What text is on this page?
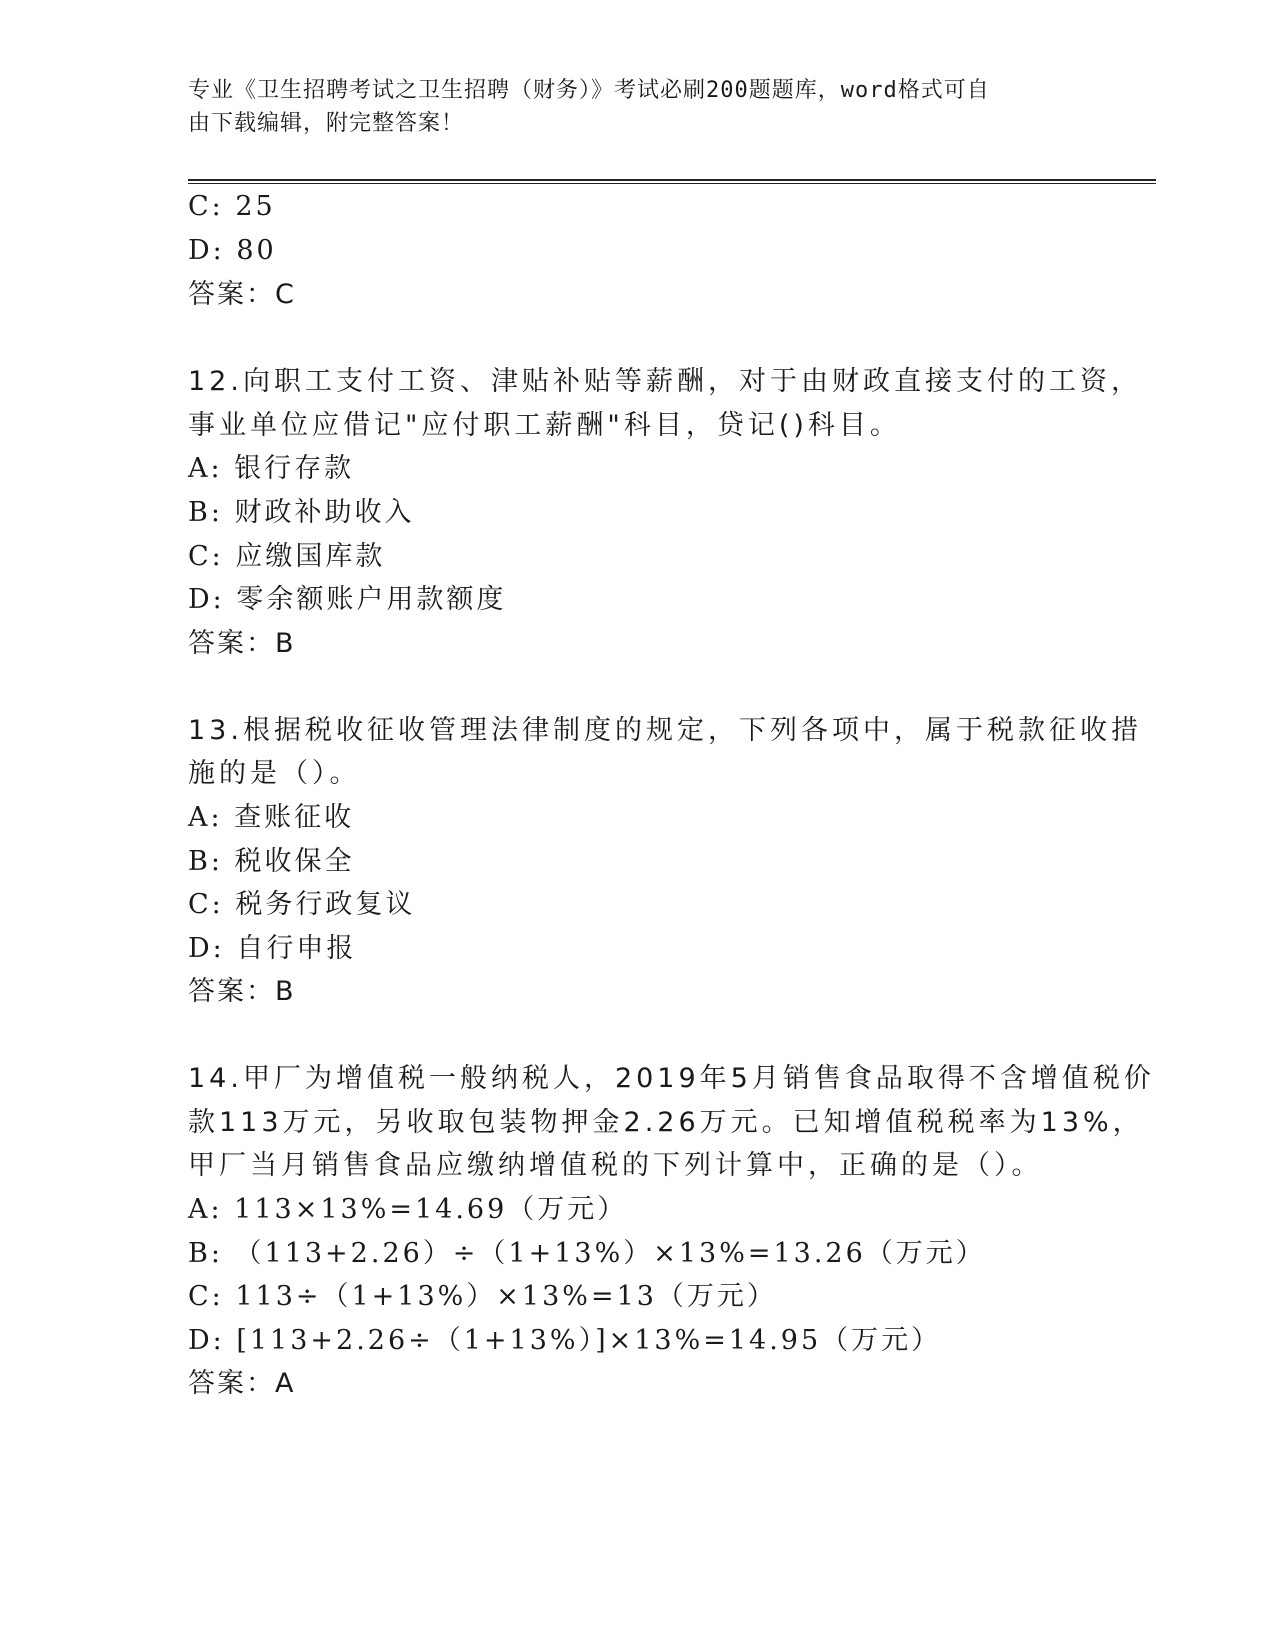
专业《卫生招聘考试之卫生招聘（财务）》考试必刷200题题库，word格式可自
由下载编辑，附完整答案！
C: 25
D: 80
答案：C
12.向职工支付工资、津贴补贴等薪酬，对于由财政直接支付的工资，
事业单位应借记"应付职工薪酬"科目，贷记()科目。
A: 银行存款
B: 财政补助收入
C: 应缴国库款
D: 零余额账户用款额度
答案：B
13.根据税收征收管理法律制度的规定，下列各项中，属于税款征收措
施的是（）。
A: 查账征收
B: 税收保全
C: 税务行政复议
D: 自行申报
答案：B
14.甲厂为增值税一般纳税人，2019年5月销售食品取得不含增值税价
款113万元，另收取包装物押金2.26万元。已知增值税税率为13%，
甲厂当月销售食品应缴纳增值税的下列计算中，正确的是（）。
A: 113×13%=14.69（万元）
B: （113+2.26）÷（1+13%）×13%=13.26（万元）
C: 113÷（1+13%）×13%=13（万元）
D: [113+2.26÷（1+13%）]×13%=14.95（万元）
答案：A
